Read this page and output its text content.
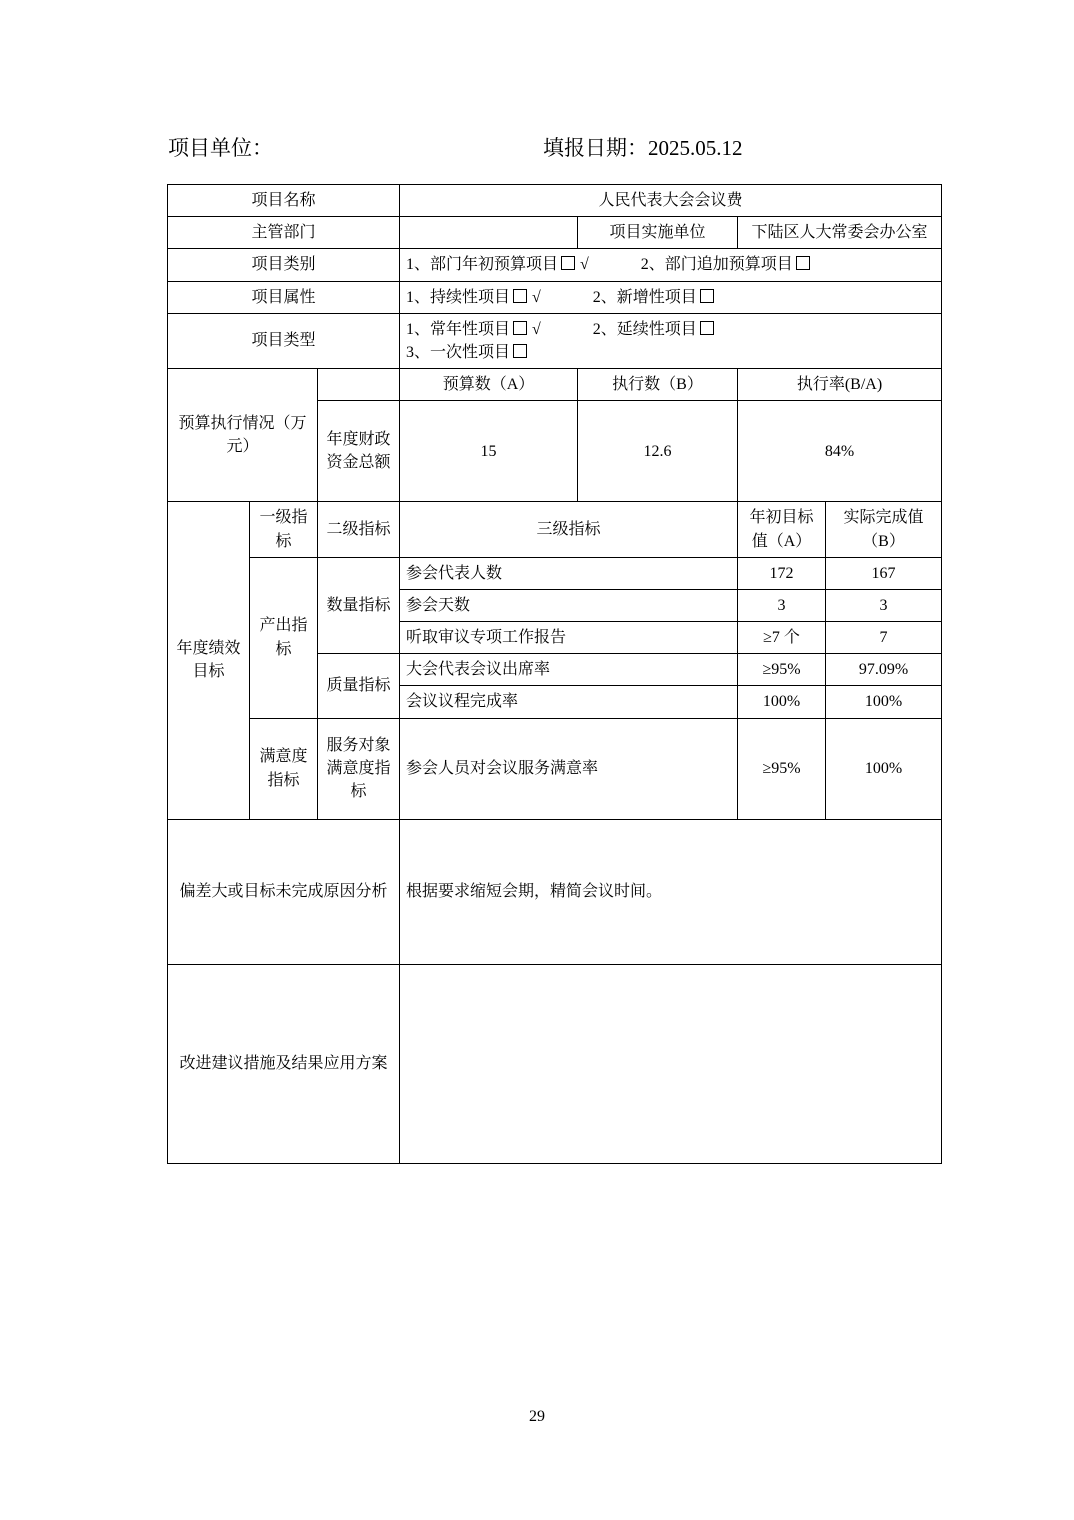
项目单位：	填报日期：2025.05.12
项目名称			人民代表大会会议费			
主管部门				项目实施单位	下陆区人大常委会办公室	
项目类别			1、部门年初预算项目 √ 2、部门追加预算项目			
项目属性			1、持续性项目 √ 2、新增性项目			
项目类型			1、常年性项目 √ 2、延续性项目
3、一次性项目			

预算执行情况（万元）			预算数（A）	执行数（B）	执行率(B/A)	
		年度财政资金总额	15	12.6	84%	
年度绩效目标	一级指标	二级指标	三级指标		年初目标值（A）	实际完成值（B）
	产出指标	数量指标	参会代表人数		172	167
			参会天数		3	3
			听取审议专项工作报告		≥7 个	7
		质量指标	大会代表会议出席率		≥95%	97.09%
			会议议程完成率		100%	100%
	满意度指标	服务对象满意度指标	参会人员对会议服务满意率		≥95%	100%
偏差大或目标未完成原因分析			根据要求缩短会期，精简会议时间。			
改进建议措施及结果应用方案						
29
